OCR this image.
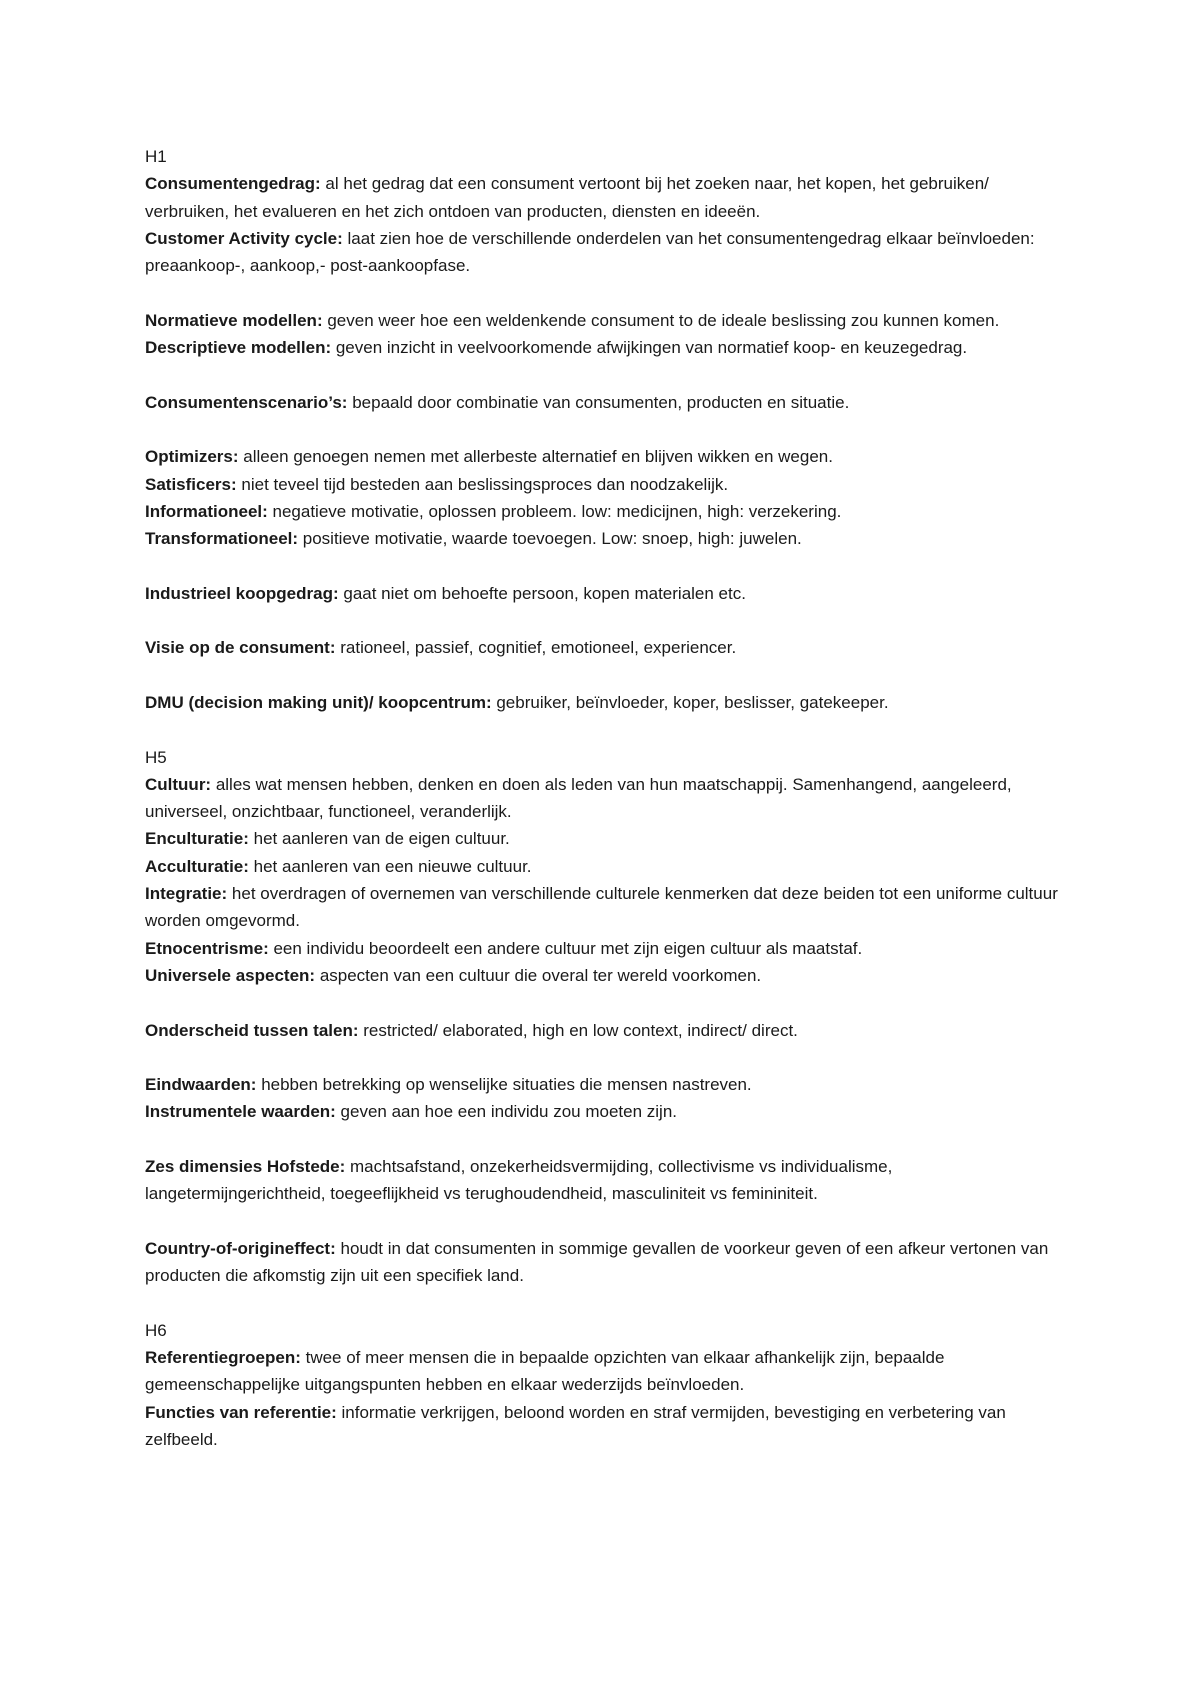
H1

Consumentengedrag: al het gedrag dat een consument vertoont bij het zoeken naar, het kopen, het gebruiken/ verbruiken, het evalueren en het zich ontdoen van producten, diensten en ideeën.

Customer Activity cycle: laat zien hoe de verschillende onderdelen van het consumentengedrag elkaar beïnvloeden: preaankoop-, aankoop,- post-aankoopfase.

Normatieve modellen: geven weer hoe een weldenkende consument to de ideale beslissing zou kunnen komen.

Descriptieve modellen: geven inzicht in veelvoorkomende afwijkingen van normatief koop- en keuzegedrag.

Consumentenscenario’s: bepaald door combinatie van consumenten, producten en situatie.

Optimizers: alleen genoegen nemen met allerbeste alternatief en blijven wikken en wegen.

Satisficers: niet teveel tijd besteden aan beslissingsproces dan noodzakelijk.

Informationeel: negatieve motivatie, oplossen probleem. low: medicijnen, high: verzekering.

Transformationeel: positieve motivatie, waarde toevoegen. Low: snoep, high: juwelen.

Industrieel koopgedrag: gaat niet om behoefte persoon, kopen materialen etc.

Visie op de consument: rationeel, passief, cognitief, emotioneel, experiencer.

DMU (decision making unit)/ koopcentrum: gebruiker, beïnvloeder, koper, beslisser, gatekeeper.

H5

Cultuur: alles wat mensen hebben, denken en doen als leden van hun maatschappij. Samenhangend, aangeleerd, universeel, onzichtbaar, functioneel, veranderlijk.

Enculturatie: het aanleren van de eigen cultuur.

Acculturatie: het aanleren van een nieuwe cultuur.

Integratie: het overdragen of overnemen van verschillende culturele kenmerken dat deze beiden tot een uniforme cultuur worden omgevormd.

Etnocentrisme: een individu beoordeelt een andere cultuur met zijn eigen cultuur als maatstaf.

Universele aspecten: aspecten van een cultuur die overal ter wereld voorkomen.

Onderscheid tussen talen: restricted/ elaborated, high en low context, indirect/ direct.

Eindwaarden: hebben betrekking op wenselijke situaties die mensen nastreven.

Instrumentele waarden: geven aan hoe een individu zou moeten zijn.

Zes dimensies Hofstede: machtsafstand, onzekerheidsvermijding, collectivisme vs individualisme, langetermijngerichtheid, toegeeflijkheid vs terughoudendheid, masculiniteit vs femininiteit.

Country-of-origineffect: houdt in dat consumenten in sommige gevallen de voorkeur geven of een afkeur vertonen van producten die afkomstig zijn uit een specifiek land.

H6

Referentiegroepen: twee of meer mensen die in bepaalde opzichten van elkaar afhankelijk zijn, bepaalde gemeenschappelijke uitgangspunten hebben en elkaar wederzijds beïnvloeden.

Functies van referentie: informatie verkrijgen, beloond worden en straf vermijden, bevestiging en verbetering van zelfbeeld.
